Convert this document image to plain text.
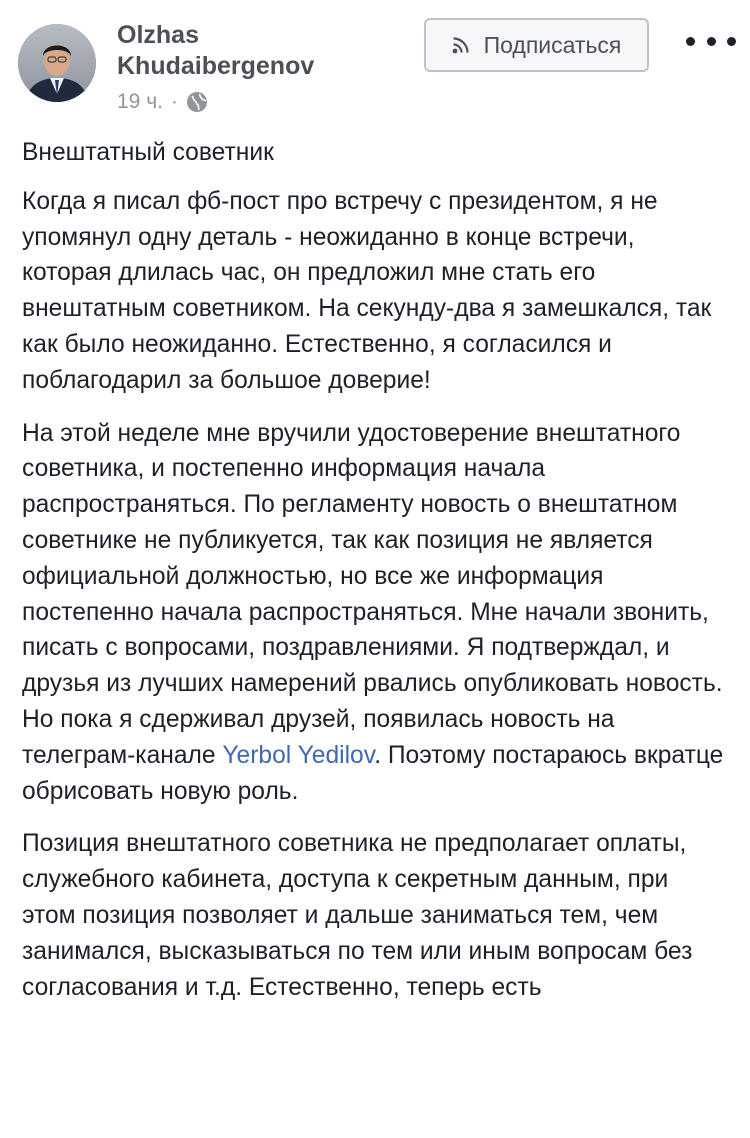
Olzhas
Khudaibergenov
19 ч. ·
Подписаться

Внештатный советник

Когда я писал фб-пост про встречу с президентом, я не упомянул одну деталь - неожиданно в конце встречи, которая длилась час, он предложил мне стать его внештатным советником. На секунду-два я замешкался, так как было неожиданно. Естественно, я согласился и поблагодарил за большое доверие!

На этой неделе мне вручили удостоверение внештатного советника, и постепенно информация начала распространяться. По регламенту новость о внештатном советнике не публикуется, так как позиция не является официальной должностью, но все же информация постепенно начала распространяться. Мне начали звонить, писать с вопросами, поздравлениями. Я подтверждал, и друзья из лучших намерений рвались опубликовать новость. Но пока я сдерживал друзей, появилась новость на телеграм-канале Yerbol Yedilov. Поэтому постараюсь вкратце обрисовать новую роль.

Позиция внештатного советника не предполагает оплаты, служебного кабинета, доступа к секретным данным, при этом позиция позволяет и дальше заниматься тем, чем занимался, высказываться по тем или иным вопросам без согласования и т.д. Естественно, теперь есть
